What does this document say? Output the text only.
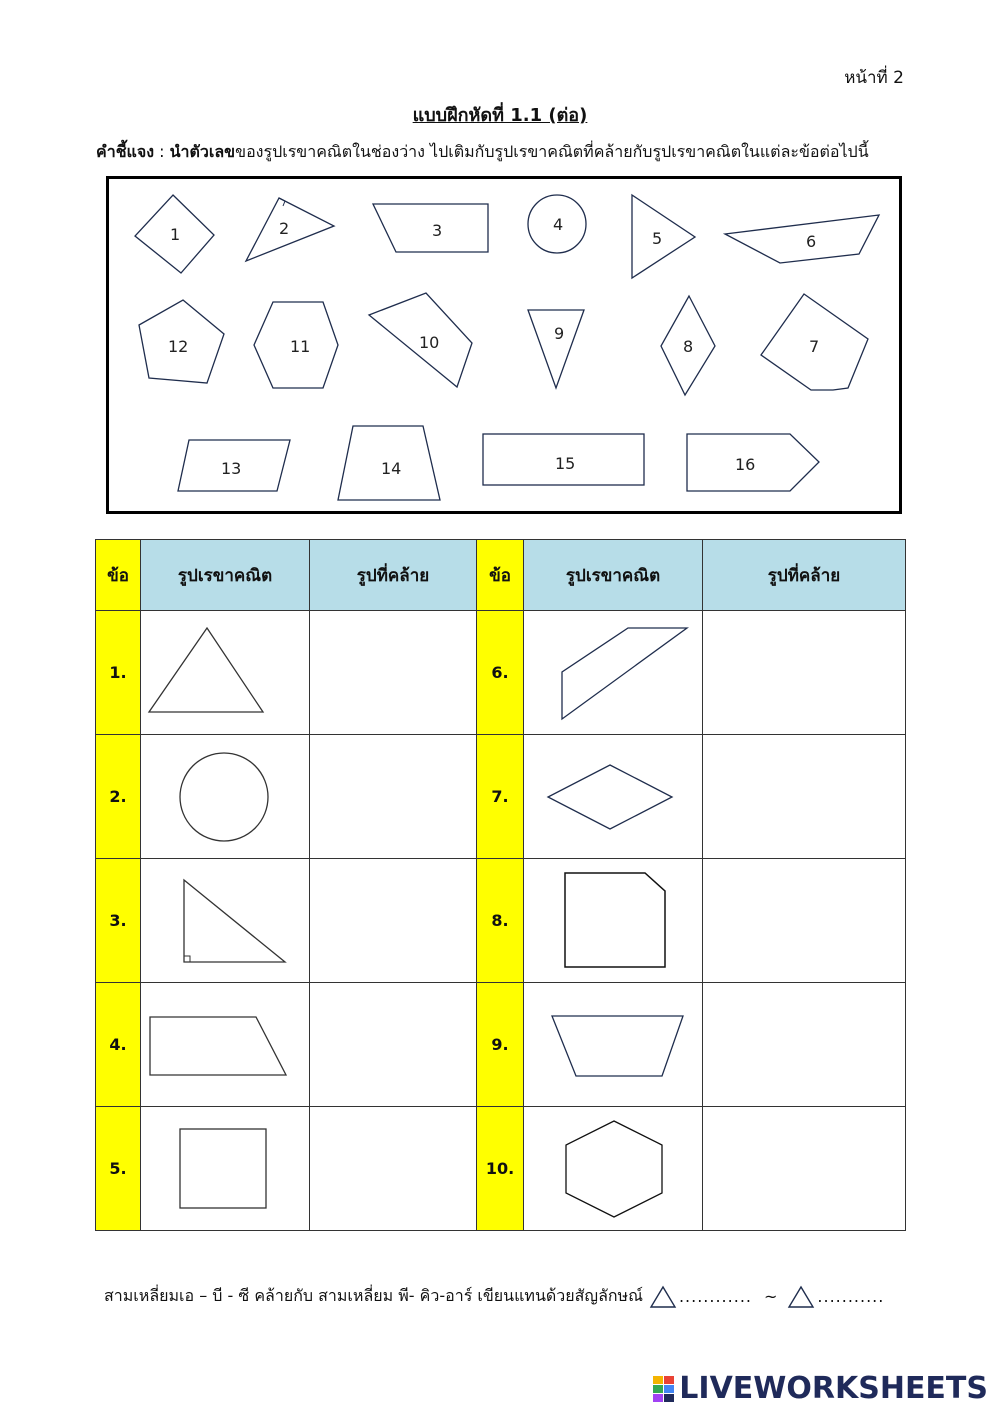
หน้าที่ 2
แบบฝึกหัดที่ 1.1 (ต่อ)
คำชี้แจง : นำตัวเลขของรูปเรขาคณิตในช่องว่าง ไปเติมกับรูปเรขาคณิตที่คล้ายกับรูปเรขาคณิตในแต่ละข้อต่อไปนี้
1	2	3	4
5	6
7
8
9
10
11
12
13	14	15	16
ข้อ	รูปเรขาคณิต	รูปที่คล้าย	ข้อ	รูปเรขาคณิต	รูปที่คล้าย
1.			6.	

2.			7.	

3.			8.	

4.			9.	

5.			10.	

สามเหลี่ยมเอ – บี - ซี คล้ายกับ สามเหลี่ยม พี- คิว-อาร์ เขียนแทนด้วยสัญลักษณ์ ............ ~	...........
LIVEWORKSHEETS
